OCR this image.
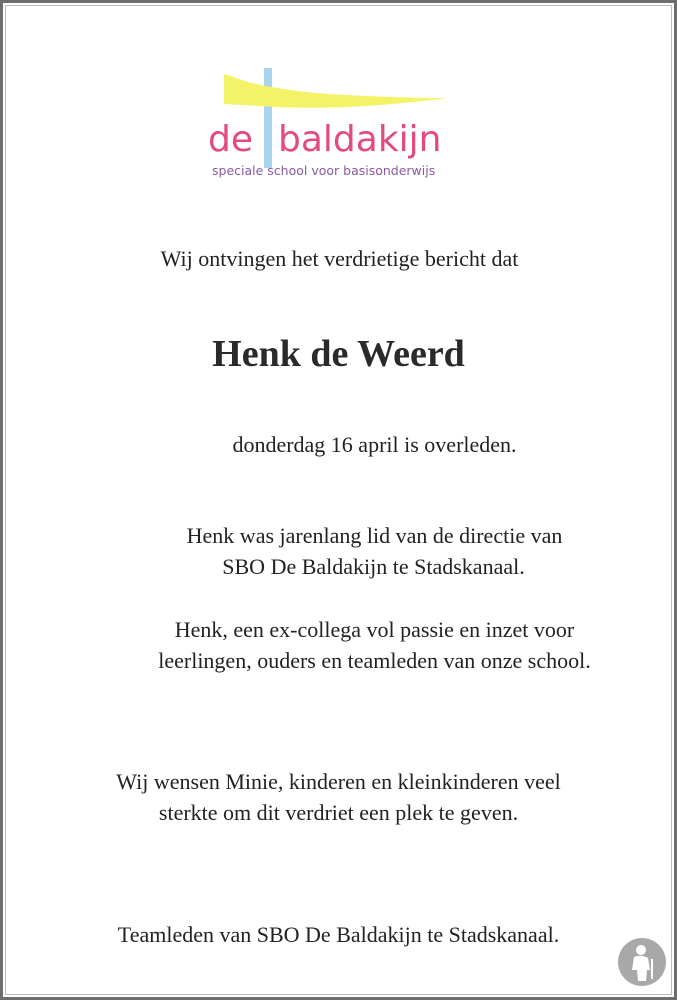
de baldakijn
speciale school voor basisonderwijs
Wij ontvingen het verdrietige bericht dat
Henk de Weerd
donderdag 16 april is overleden.
Henk was jarenlang lid van de directie van
SBO De Baldakijn te Stadskanaal.
Henk, een ex-collega vol passie en inzet voor
leerlingen, ouders en teamleden van onze school.
Wij wensen Minie, kinderen en kleinkinderen veel
sterkte om dit verdriet een plek te geven.
Teamleden van SBO De Baldakijn te Stadskanaal.
